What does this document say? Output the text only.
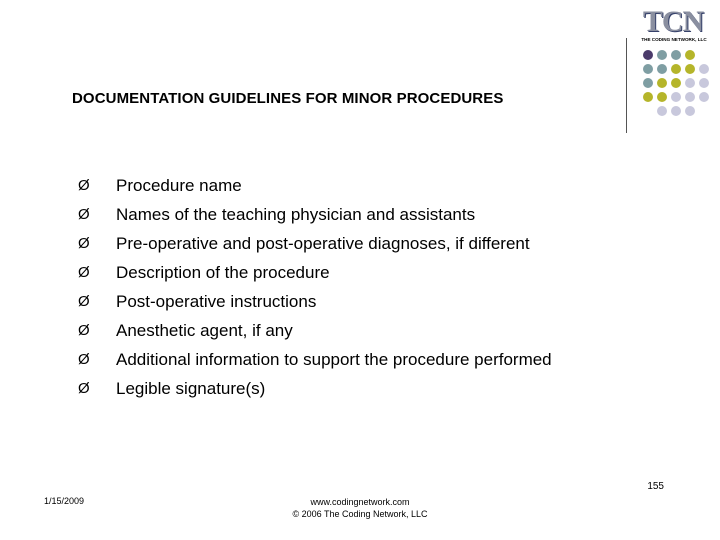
DOCUMENTATION GUIDELINES FOR MINOR PROCEDURES
TCN
THE CODING NETWORK, LLC
Ø Procedure name
Ø Names of the teaching physician and assistants
Ø Pre-operative and post-operative diagnoses, if different
Ø Description of the procedure
Ø Post-operative instructions
Ø Anesthetic agent, if any
Ø Additional information to support the procedure performed
Ø Legible signature(s)
155
1/15/2009	www.codingnetwork.com
© 2006 The Coding Network, LLC
